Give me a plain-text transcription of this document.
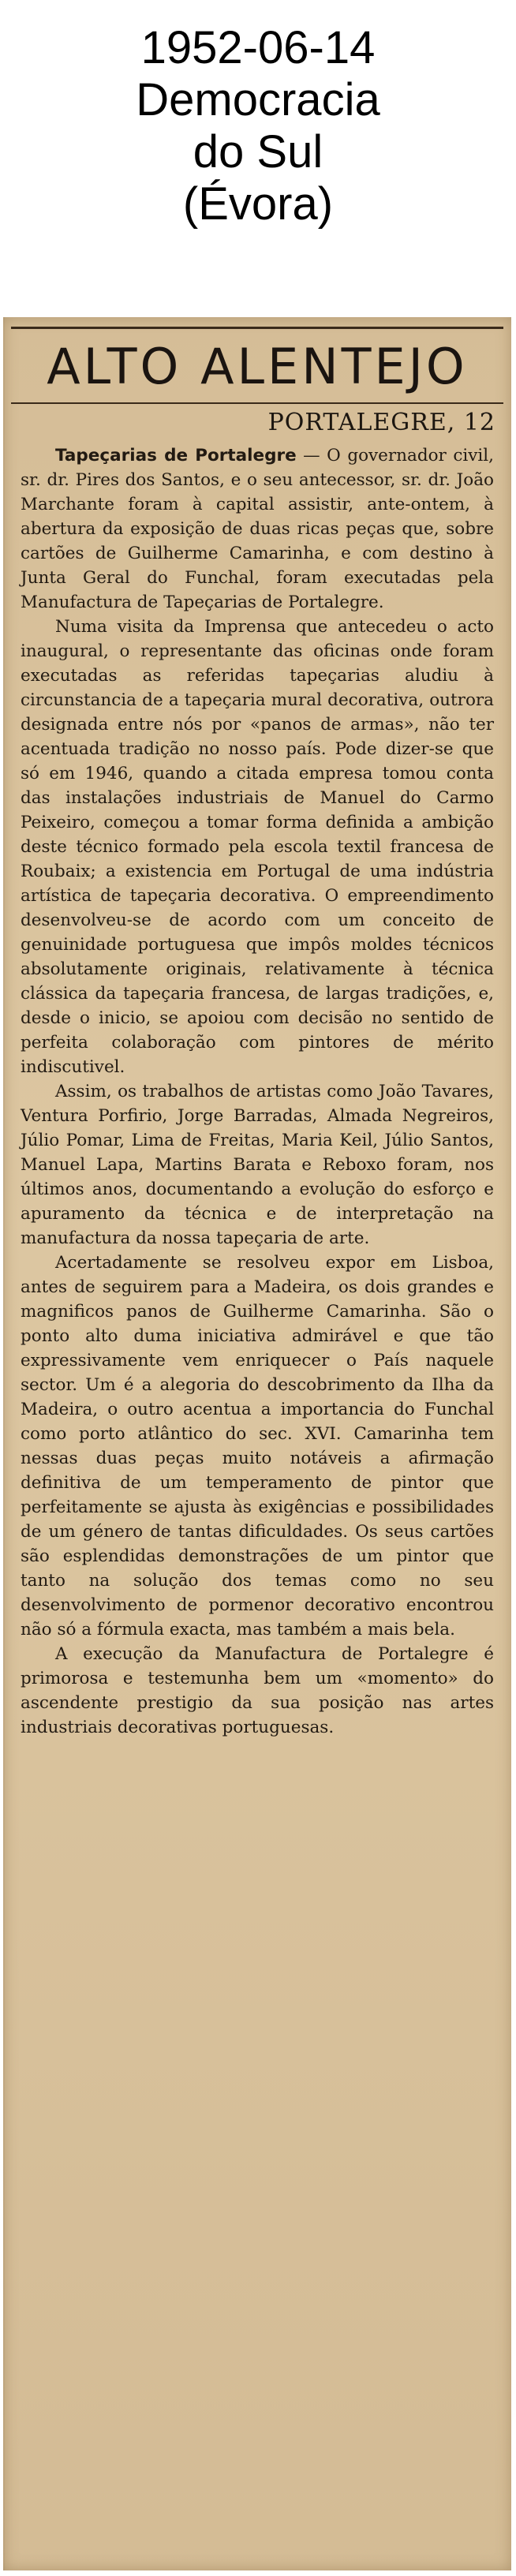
1952-06-14
Democracia
do Sul
(Évora)
ALTO ALENTEJO
PORTALEGRE, 12

Tapeçarias de Portalegre — O governador civil, sr. dr. Pires dos Santos, e o seu antecessor, sr. dr. João Marchante foram à capital assistir, ante-ontem, à abertura da exposição de duas ricas peças que, sobre cartões de Guilherme Camarinha, e com destino à Junta Geral do Funchal, foram executadas pela Manufactura de Tapeçarias de Portalegre.

Numa visita da Imprensa que antecedeu o acto inaugural, o representante das oficinas onde foram executadas as referidas tapeçarias aludiu à circunstancia de a tapeçaria mural decorativa, outrora designada entre nós por «panos de armas», não ter acentuada tradição no nosso país. Pode dizer-se que só em 1946, quando a citada empresa tomou conta das instalações industriais de Manuel do Carmo Peixeiro, começou a tomar forma definida a ambição deste técnico formado pela escola textil francesa de Roubaix; a existencia em Portugal de uma indústria artística de tapeçaria decorativa. O empreendimento desenvolveu-se de acordo com um conceito de genuinidade portuguesa que impôs moldes técnicos absolutamente originais, relativamente à técnica clássica da tapeçaria francesa, de largas tradições, e, desde o inicio, se apoiou com decisão no sentido de perfeita colaboração com pintores de mérito indiscutivel.

Assim, os trabalhos de artistas como João Tavares, Ventura Porfirio, Jorge Barradas, Almada Negreiros, Júlio Pomar, Lima de Freitas, Maria Keil, Júlio Santos, Manuel Lapa, Martins Barata e Reboxo foram, nos últimos anos, documentando a evolução do esforço e apuramento da técnica e de interpretação na manufactura da nossa tapeçaria de arte.

Acertadamente se resolveu expor em Lisboa, antes de seguirem para a Madeira, os dois grandes e magnificos panos de Guilherme Camarinha. São o ponto alto duma iniciativa admirável e que tão expressivamente vem enriquecer o País naquele sector. Um é a alegoria do descobrimento da Ilha da Madeira, o outro acentua a importancia do Funchal como porto atlântico do sec. XVI. Camarinha tem nessas duas peças muito notáveis a afirmação definitiva de um temperamento de pintor que perfeitamente se ajusta às exigências e possibilidades de um género de tantas dificuldades. Os seus cartões são esplendidas demonstrações de um pintor que tanto na solução dos temas como no seu desenvolvimento de pormenor decorativo encontrou não só a fórmula exacta, mas também a mais bela.

A execução da Manufactura de Portalegre é primorosa e testemunha bem um «momento» do ascendente prestigio da sua posição nas artes industriais decorativas portuguesas.
